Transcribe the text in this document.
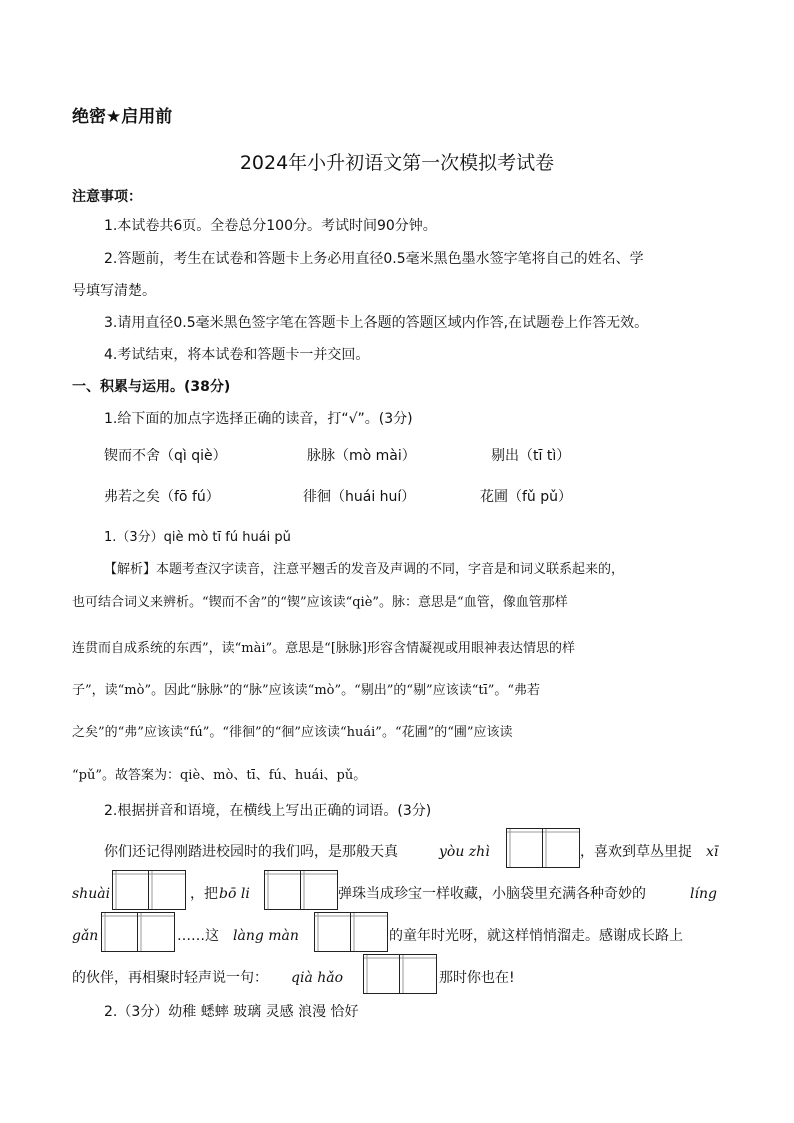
绝密★启用前
2024年小升初语文第一次模拟考试卷
注意事项：
1.本试卷共6页。全卷总分100分。考试时间90分钟。
2.答题前，考生在试卷和答题卡上务必用直径0.5毫米黑色墨水签字笔将自己的姓名、学
号填写清楚。
3.请用直径0.5毫米黑色签字笔在答题卡上各题的答题区域内作答,在试题卷上作答无效。
4.考试结束，将本试卷和答题卡一并交回。
一、积累与运用。(38分)
1.给下面的加点字选择正确的读音，打“√”。(3分)
锲而不舍（qì qiè）	脉脉（mò mài）	剔出（tī tì）
弗若之矣（fō fú）	徘徊（huái huí）	花圃（fǔ pǔ）
1.（3分）qiè mò tī fú huái pǔ
【解析】本题考查汉字读音，注意平翘舌的发音及声调的不同，字音是和词义联系起来的，
也可结合词义来辨析。“锲而不舍”的“锲”应该读“qiè”。脉：意思是“血管，像血管那样
连贯而自成系统的东西”，读“mài”。意思是“[脉脉]形容含情凝视或用眼神表达情思的样
子”，读“mò”。因此“脉脉”的“脉”应该读“mò”。“剔出”的“剔”应该读“tī”。“弗若
之矣”的“弗”应该读“fú”。“徘徊”的“徊”应该读“huái”。“花圃”的“圃”应该读
“pǔ”。故答案为：qiè、mò、tī、fú、huái、pǔ。
2.根据拼音和语境，在横线上写出正确的词语。(3分)
你们还记得刚踏进校园时的我们吗，是那般天真	yòu zhì	，喜欢到草丛里捉 xī
shuài	，把 bō li	弹珠当成珍宝一样收藏，小脑袋里充满各种奇妙的	líng
gǎn	……这 làng màn	的童年时光呀，就这样悄悄溜走。感谢成长路上
的伙伴，再相聚时轻声说一句： qià hǎo	那时你也在!
2.（3分）幼稚 蟋蟀 玻璃 灵感 浪漫 恰好
